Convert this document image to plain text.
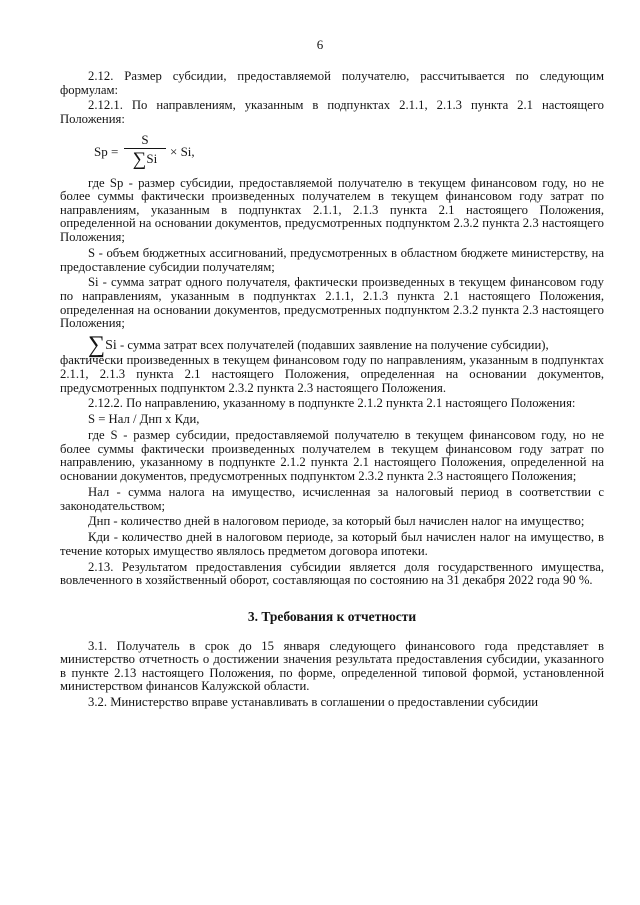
6

2.12. Размер субсидии, предоставляемой получателю, рассчитывается по следующим формулам:

2.12.1. По направлениям, указанным в подпунктах 2.1.1, 2.1.3 пункта 2.1 настоящего Положения:

Sp =
S
∑Si × Si,

где Sp - размер субсидии, предоставляемой получателю в текущем финансовом году, но не более суммы фактически произведенных получателем в текущем финансовом году затрат по направлениям, указанным в подпунктах 2.1.1, 2.1.3 пункта 2.1 настоящего Положения, определенной на основании документов, предусмотренных подпунктом 2.3.2 пункта 2.3 настоящего Положения;

S - объем бюджетных ассигнований, предусмотренных в областном бюджете министерству, на предоставление субсидии получателям;

Si - сумма затрат одного получателя, фактически произведенных в текущем финансовом году по направлениям, указанным в подпунктах 2.1.1, 2.1.3 пункта 2.1 настоящего Положения, определенная на основании документов, предусмотренных подпунктом 2.3.2 пункта 2.3 настоящего Положения;

∑Si - сумма затрат всех получателей (подавших заявление на получение субсидии),

фактически произведенных в текущем финансовом году по направлениям, указанным в подпунктах 2.1.1, 2.1.3 пункта 2.1 настоящего Положения, определенная на основании документов, предусмотренных подпунктом 2.3.2 пункта 2.3 настоящего Положения.

2.12.2. По направлению, указанному в подпункте 2.1.2 пункта 2.1 настоящего Положения:

S = Нал / Днп x Кди,

где S - размер субсидии, предоставляемой получателю в текущем финансовом году, но не более суммы фактически произведенных получателем в текущем финансовом году затрат по направлению, указанному в подпункте 2.1.2 пункта 2.1 настоящего Положения, определенной на основании документов, предусмотренных подпунктом 2.3.2 пункта 2.3 настоящего Положения;

Нал - сумма налога на имущество, исчисленная за налоговый период в соответствии с законодательством;

Днп - количество дней в налоговом периоде, за который был начислен налог на имущество;

Кди - количество дней в налоговом периоде, за который был начислен налог на имущество, в течение которых имущество являлось предметом договора ипотеки.

2.13. Результатом предоставления субсидии является доля государственного имущества, вовлеченного в хозяйственный оборот, составляющая по состоянию на 31 декабря 2022 года 90 %.

3. Требования к отчетности

3.1. Получатель в срок до 15 января следующего финансового года представляет в министерство отчетность о достижении значения результата предоставления субсидии, указанного в пункте 2.13 настоящего Положения, по форме, определенной типовой формой, установленной министерством финансов Калужской области.

3.2. Министерство вправе устанавливать в соглашении о предоставлении субсидии
